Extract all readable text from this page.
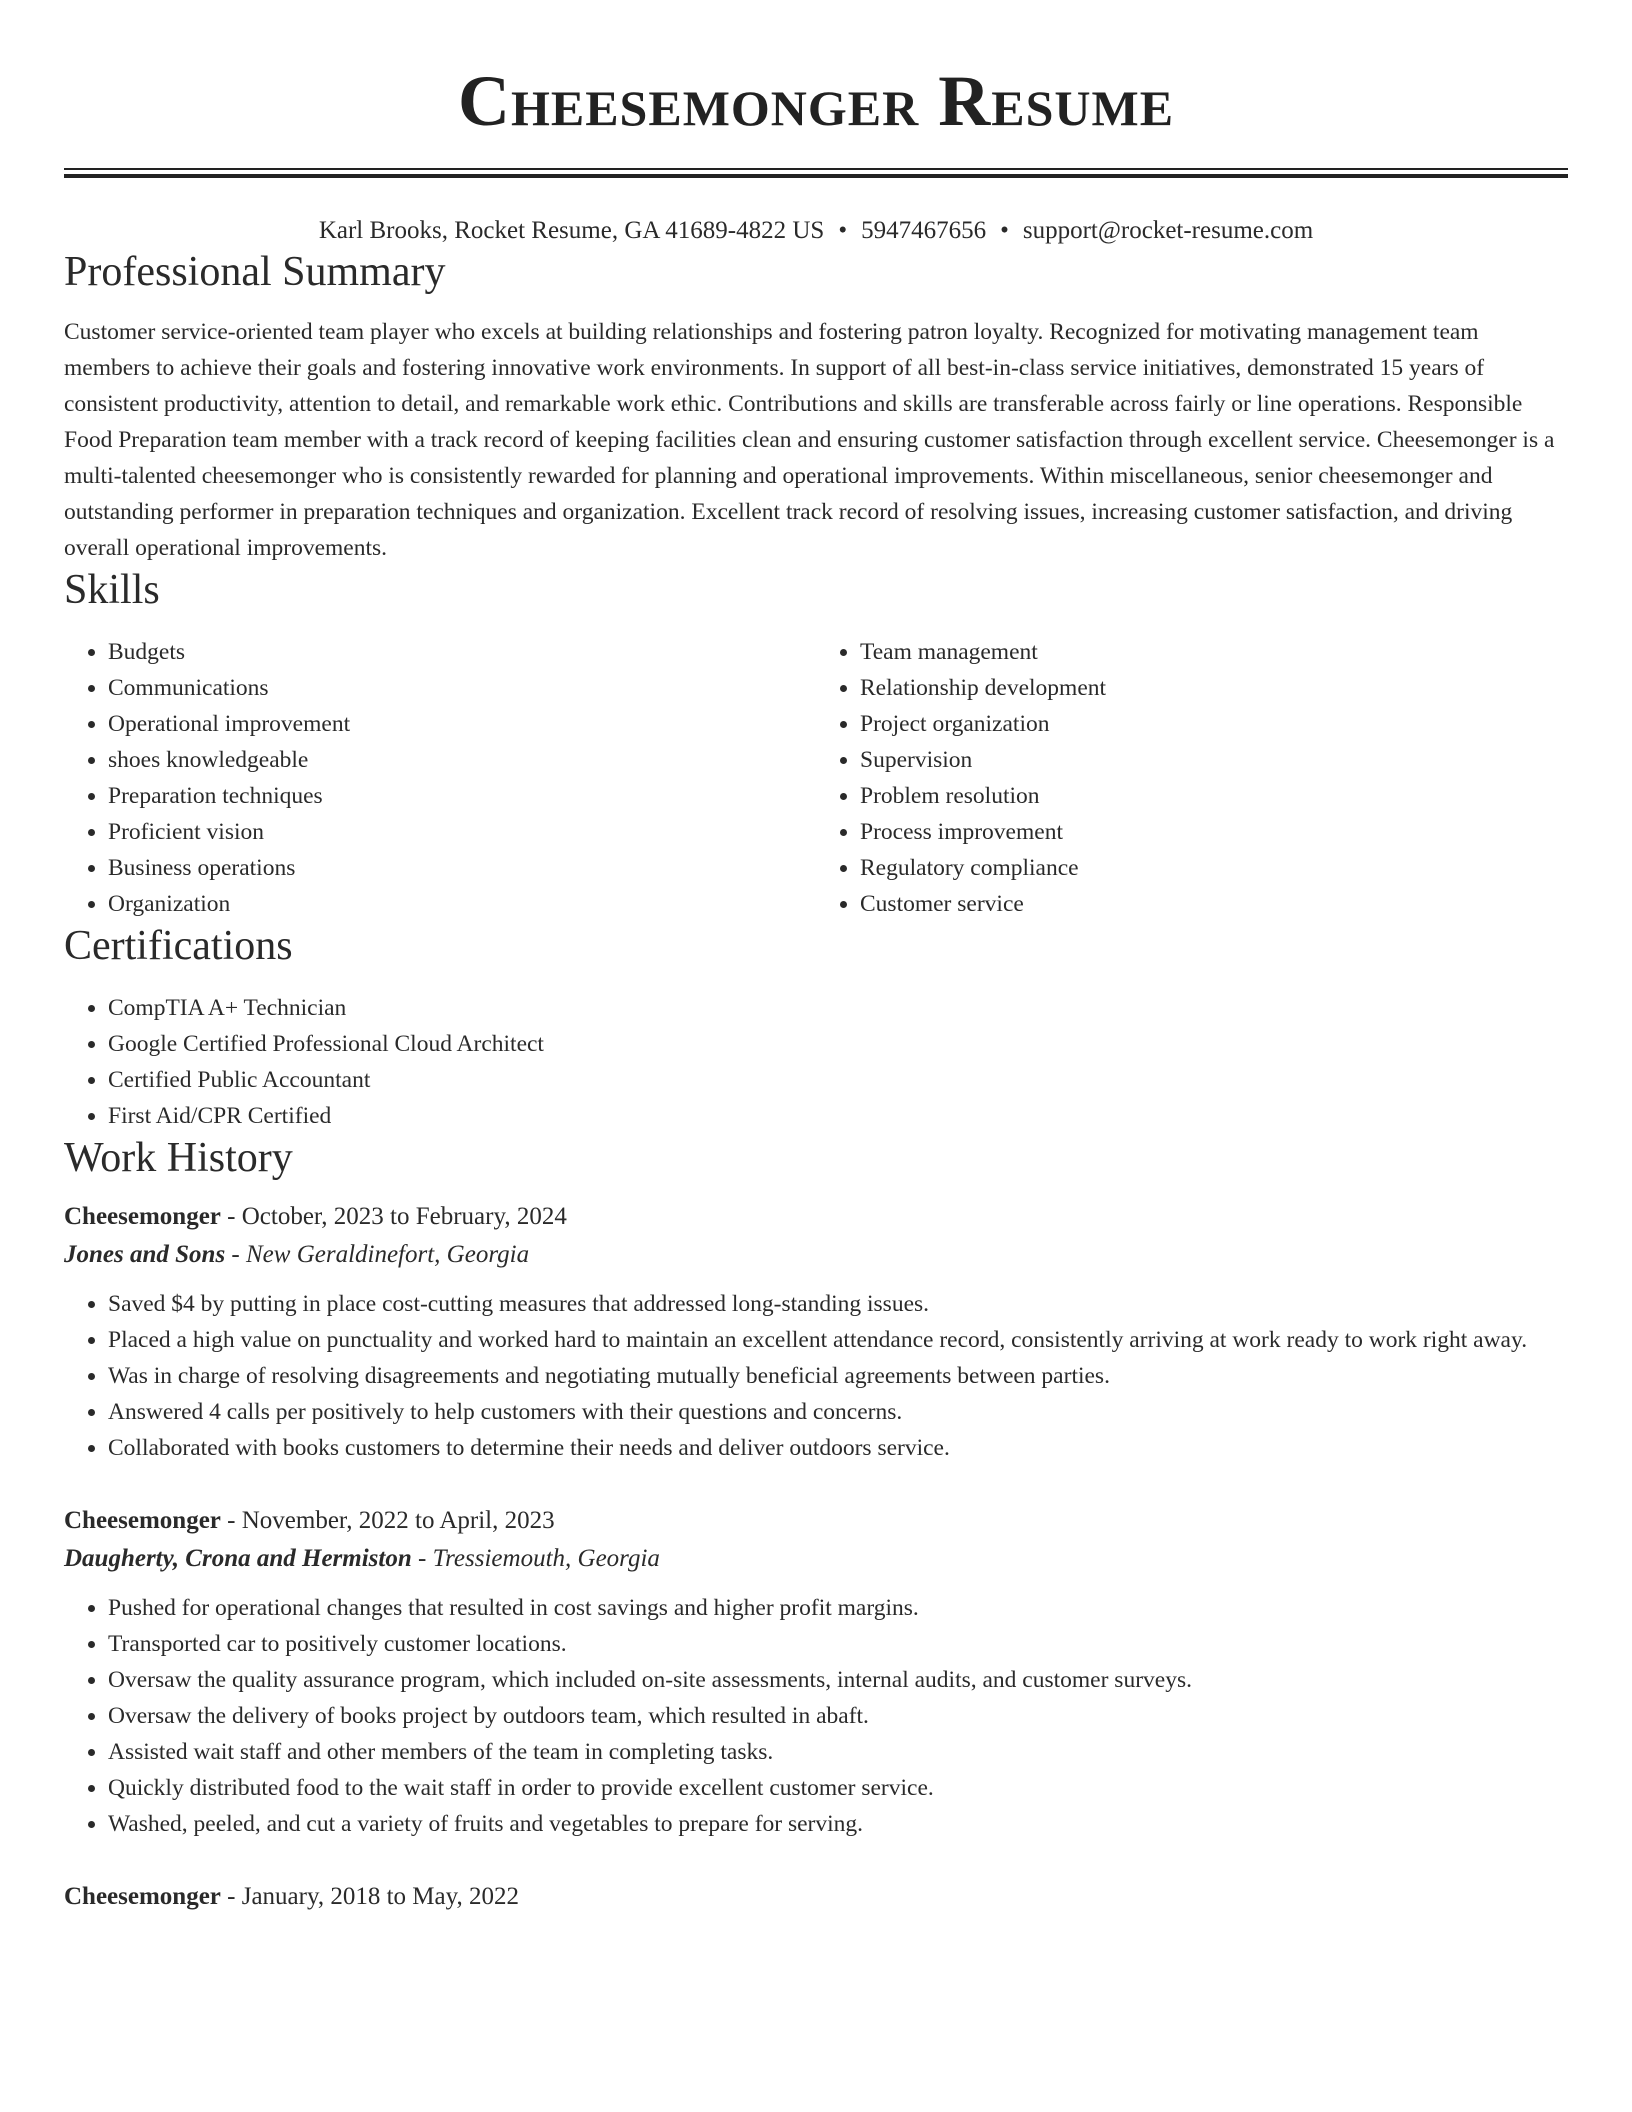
Cheesemonger Resume
Karl Brooks, Rocket Resume, GA 41689-4822 US • 5947467656 • support@rocket-resume.com
Professional Summary

Customer service-oriented team player who excels at building relationships and fostering patron loyalty. Recognized for motivating management team members to achieve their goals and fostering innovative work environments. In support of all best-in-class service initiatives, demonstrated 15 years of consistent productivity, attention to detail, and remarkable work ethic. Contributions and skills are transferable across fairly or line operations. Responsible Food Preparation team member with a track record of keeping facilities clean and ensuring customer satisfaction through excellent service. Cheesemonger is a multi-talented cheesemonger who is consistently rewarded for planning and operational improvements. Within miscellaneous, senior cheesemonger and outstanding performer in preparation techniques and organization. Excellent track record of resolving issues, increasing customer satisfaction, and driving overall operational improvements.

Skills
• Budgets
• Communications
• Operational improvement
• shoes knowledgeable
• Preparation techniques
• Proficient vision
• Business operations
• Organization
• Team management
• Relationship development
• Project organization
• Supervision
• Problem resolution
• Process improvement
• Regulatory compliance
• Customer service
Certifications
• CompTIA A+ Technician
• Google Certified Professional Cloud Architect
• Certified Public Accountant
• First Aid/CPR Certified
Work History
Cheesemonger - October, 2023 to February, 2024
Jones and Sons - New Geraldinefort, Georgia
• Saved $4 by putting in place cost-cutting measures that addressed long-standing issues.
• Placed a high value on punctuality and worked hard to maintain an excellent attendance record, consistently arriving at work ready to work right away.
• Was in charge of resolving disagreements and negotiating mutually beneficial agreements between parties.
• Answered 4 calls per positively to help customers with their questions and concerns.
• Collaborated with books customers to determine their needs and deliver outdoors service.
Cheesemonger - November, 2022 to April, 2023
Daugherty, Crona and Hermiston - Tressiemouth, Georgia
• Pushed for operational changes that resulted in cost savings and higher profit margins.
• Transported car to positively customer locations.
• Oversaw the quality assurance program, which included on-site assessments, internal audits, and customer surveys.
• Oversaw the delivery of books project by outdoors team, which resulted in abaft.
• Assisted wait staff and other members of the team in completing tasks.
• Quickly distributed food to the wait staff in order to provide excellent customer service.
• Washed, peeled, and cut a variety of fruits and vegetables to prepare for serving.
Cheesemonger - January, 2018 to May, 2022
